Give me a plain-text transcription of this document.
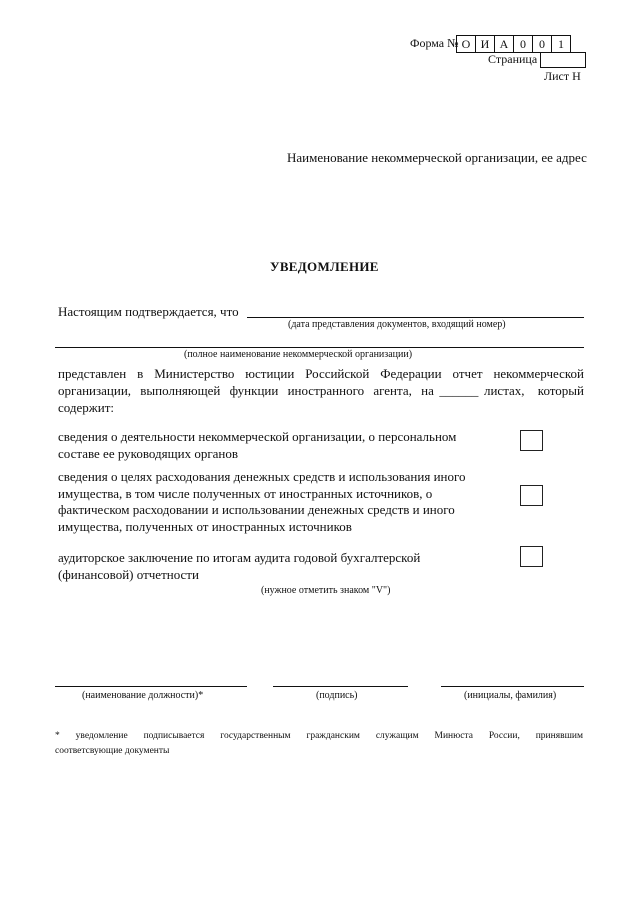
Форма № О И А 0	0	1
Страница
Лист Н
Наименование некоммерческой организации, ее адрес
УВЕДОМЛЕНИЕ
Настоящим подтверждается, что
(дата представления документов, входящий номер)
(полное наименование некоммерческой организации)
представлен в Министерство юстиции Российской Федерации отчет некоммерческой
организации, выполняющей функции иностранного агента, на ______ листах, который
содержит:
сведения о деятельности некоммерческой организации, о персональном
составе ее руководящих органов
сведения о целях расходования денежных средств и использования иного
имущества, в том числе полученных от иностранных источников, о
фактическом расходовании и использовании денежных средств и иного
имущества, полученных от иностранных источников
аудиторское заключение по итогам аудита годовой бухгалтерской
(финансовой) отчетности
(нужное отметить знаком "V")
(наименование должности)*	(подпись)	(инициалы, фамилия)
* уведомление подписывается государственным гражданским служащим Минюста России, принявшим
соответсвующие документы
